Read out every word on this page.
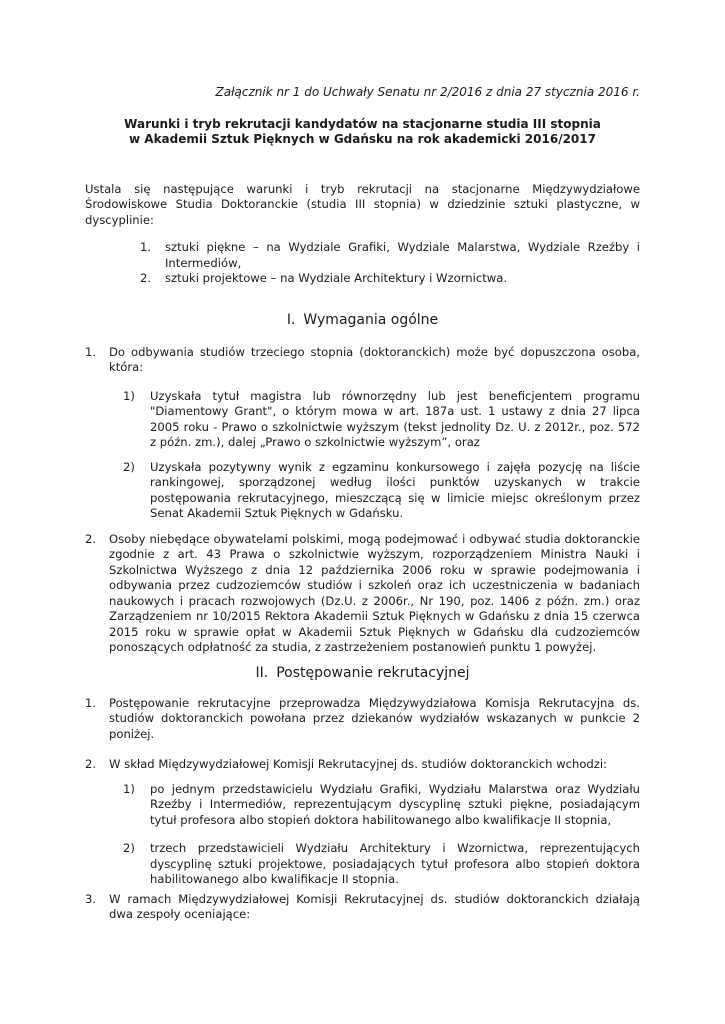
Załącznik nr 1 do Uchwały Senatu nr 2/2016 z dnia 27 stycznia 2016 r.
Warunki i tryb rekrutacji kandydatów na stacjonarne studia III stopnia
w Akademii Sztuk Pięknych w Gdańsku na rok akademicki 2016/2017

Ustala się następujące warunki i tryb rekrutacji na stacjonarne Międzywydziałowe Środowiskowe Studia Doktoranckie (studia III stopnia) w dziedzinie sztuki plastyczne, w dyscyplinie:

1.	sztuki piękne – na Wydziale Grafiki, Wydziale Malarstwa, Wydziale Rzeźby i Intermediów,
2.	sztuki projektowe – na Wydziale Architektury i Wzornictwa.
I. Wymagania ogólne
1.	Do odbywania studiów trzeciego stopnia (doktoranckich) może być dopuszczona osoba, która:
1)	Uzyskała tytuł magistra lub równorzędny lub jest beneficjentem programu "Diamentowy Grant", o którym mowa w art. 187a ust. 1 ustawy z dnia 27 lipca 2005 roku - Prawo o szkolnictwie wyższym (tekst jednolity Dz. U. z 2012r., poz. 572 z późn. zm.), dalej „Prawo o szkolnictwie wyższym”, oraz
2)	Uzyskała pozytywny wynik z egzaminu konkursowego i zajęła pozycję na liście rankingowej, sporządzonej według ilości punktów uzyskanych w trakcie postępowania rekrutacyjnego, mieszczącą się w limicie miejsc określonym przez Senat Akademii Sztuk Pięknych w Gdańsku.
2.	Osoby niebędące obywatelami polskimi, mogą podejmować i odbywać studia doktoranckie zgodnie z art. 43 Prawa o szkolnictwie wyższym, rozporządzeniem Ministra Nauki i Szkolnictwa Wyższego z dnia 12 października 2006 roku w sprawie podejmowania i odbywania przez cudzoziemców studiów i szkoleń oraz ich uczestniczenia w badaniach naukowych i pracach rozwojowych (Dz.U. z 2006r., Nr 190, poz. 1406 z późn. zm.) oraz Zarządzeniem nr 10/2015 Rektora Akademii Sztuk Pięknych w Gdańsku z dnia 15 czerwca 2015 roku w sprawie opłat w Akademii Sztuk Pięknych w Gdańsku dla cudzoziemców ponoszących odpłatność za studia, z zastrzeżeniem postanowień punktu 1 powyżej.
II. Postępowanie rekrutacyjnej
1.	Postępowanie rekrutacyjne przeprowadza Międzywydziałowa Komisja Rekrutacyjna ds. studiów doktoranckich powołana przez dziekanów wydziałów wskazanych w punkcie 2 poniżej.
2.	W skład Międzywydziałowej Komisji Rekrutacyjnej ds. studiów doktoranckich wchodzi:
1)	po jednym przedstawicielu Wydziału Grafiki, Wydziału Malarstwa oraz Wydziału Rzeźby i Intermediów, reprezentującym dyscyplinę sztuki piękne, posiadającym tytuł profesora albo stopień doktora habilitowanego albo kwalifikacje II stopnia,
2)	trzech przedstawicieli Wydziału Architektury i Wzornictwa, reprezentujących dyscyplinę sztuki projektowe, posiadających tytuł profesora albo stopień doktora habilitowanego albo kwalifikacje II stopnia.
3.	W ramach Międzywydziałowej Komisji Rekrutacyjnej ds. studiów doktoranckich działają dwa zespoły oceniające:
